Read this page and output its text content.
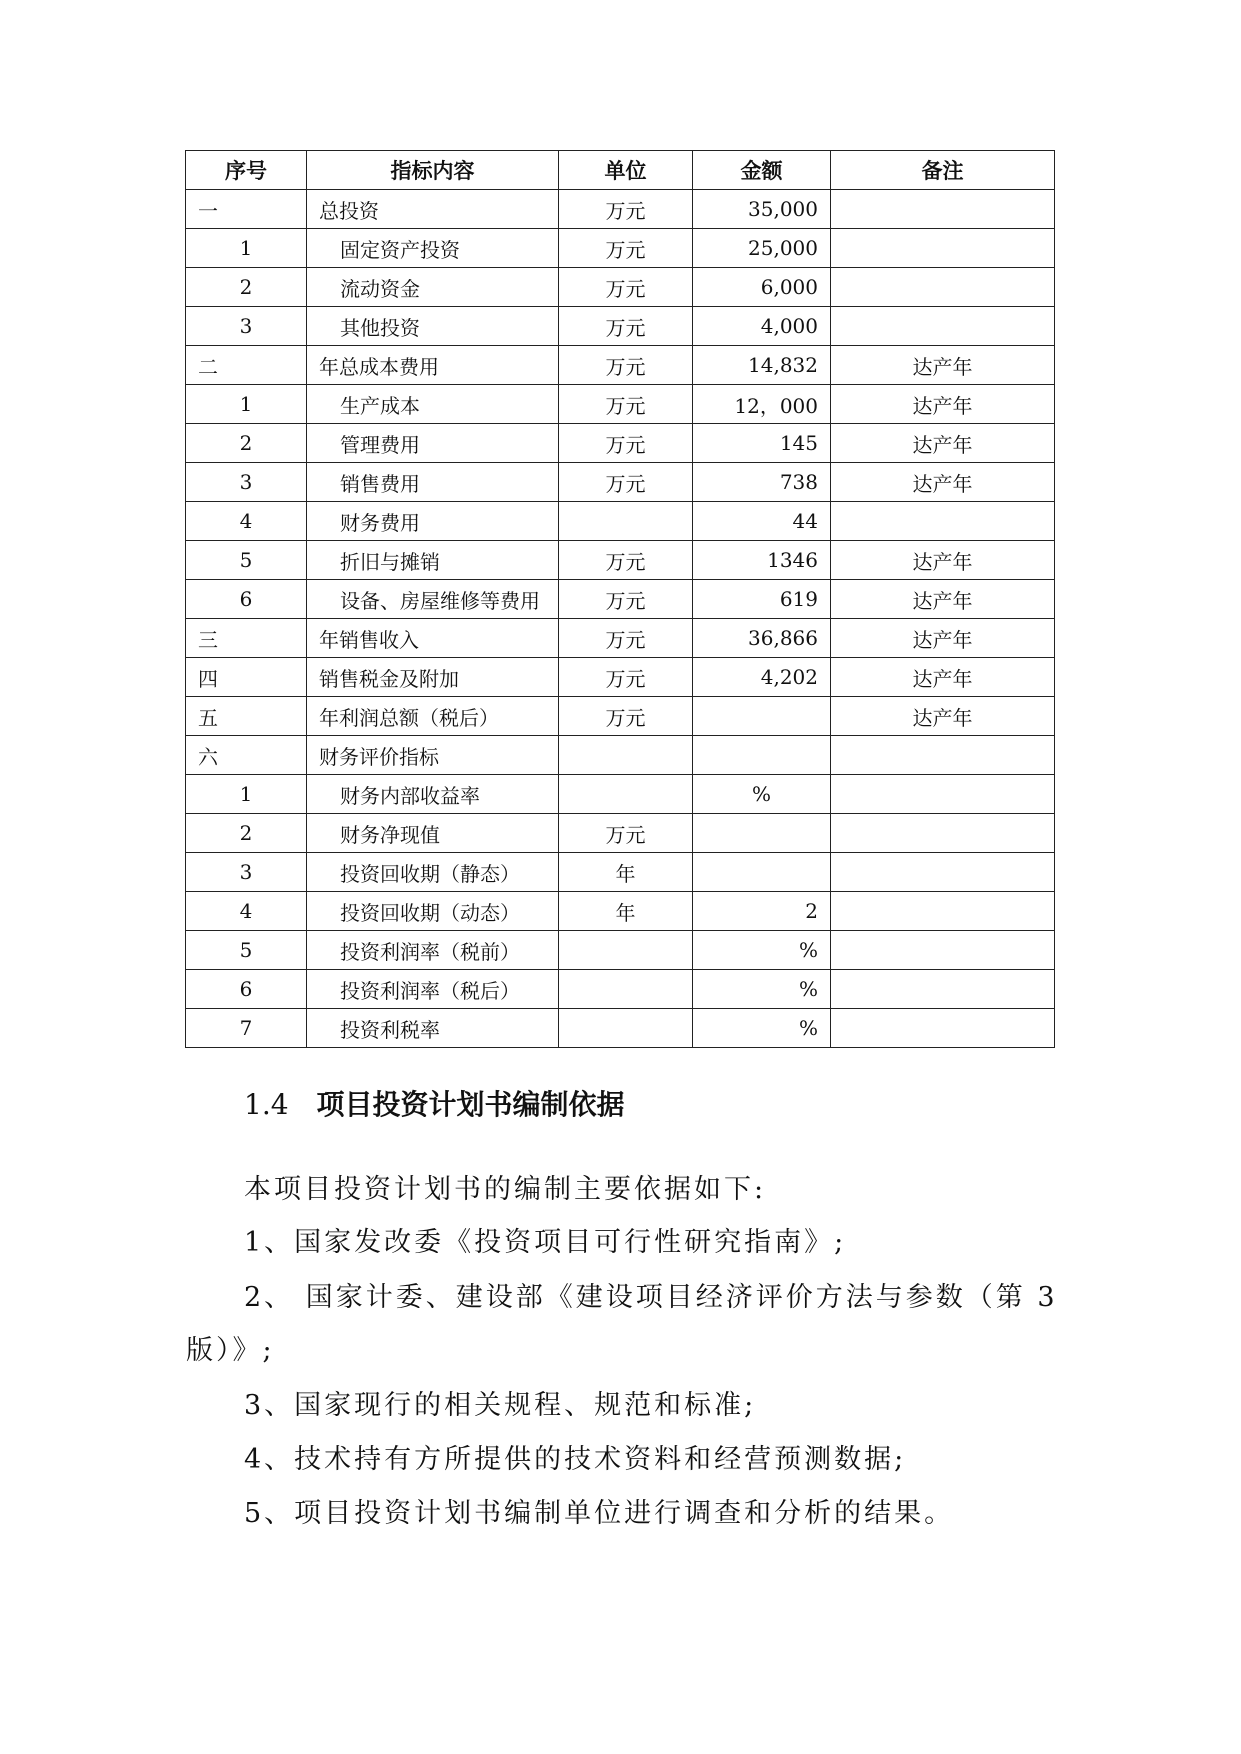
序号	指标内容	单位	金额	备注
一	总投资	万元	35,000	
1	固定资产投资	万元	25,000	
2	流动资金	万元	6,000	
3	其他投资	万元	4,000	
二	年总成本费用	万元	14,832	达产年
1	生产成本	万元	12，000	达产年
2	管理费用	万元	145	达产年
3	销售费用	万元	738	达产年
4	财务费用		44	
5	折旧与摊销	万元	1346	达产年
6	设备、房屋维修等费用	万元	619	达产年
三	年销售收入	万元	36,866	达产年
四	销售税金及附加	万元	4,202	达产年
五	年利润总额（税后）	万元		达产年
六	财务评价指标			
1	财务内部收益率		%	
2	财务净现值	万元		
3	投资回收期（静态）	年		
4	投资回收期（动态）	年	2	
5	投资利润率（税前）		%	
6	投资利润率（税后）		%	
7	投资利税率		%	
1.4 项目投资计划书编制依据
本项目投资计划书的编制主要依据如下:
1、国家发改委《投资项目可行性研究指南》;
2、 国家计委、建设部《建设项目经济评价方法与参数（第 3
版）》;
3、国家现行的相关规程、规范和标准;
4、技术持有方所提供的技术资料和经营预测数据;
5、项目投资计划书编制单位进行调查和分析的结果。
